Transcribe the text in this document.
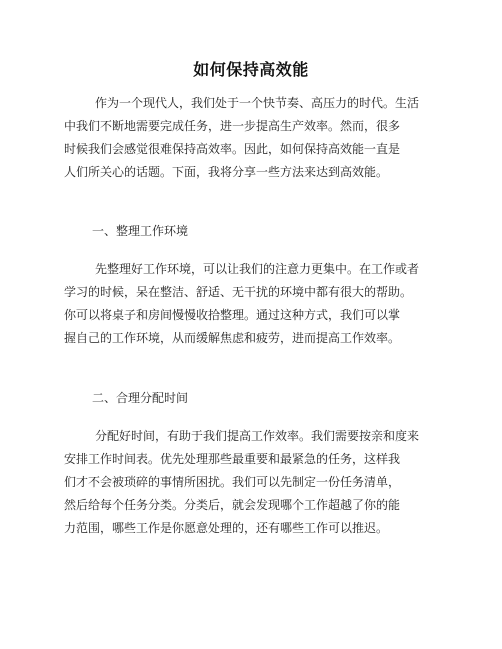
如何保持高效能
作为一个现代人，我们处于一个快节奏、高压力的时代。生活
中我们不断地需要完成任务，进一步提高生产效率。然而，很多
时候我们会感觉很难保持高效率。因此，如何保持高效能一直是
人们所关心的话题。下面，我将分享一些方法来达到高效能。
一、整理工作环境
先整理好工作环境，可以让我们的注意力更集中。在工作或者
学习的时候，呆在整洁、舒适、无干扰的环境中都有很大的帮助。
你可以将桌子和房间慢慢收拾整理。通过这种方式，我们可以掌
握自己的工作环境，从而缓解焦虑和疲劳，进而提高工作效率。
二、合理分配时间
分配好时间，有助于我们提高工作效率。我们需要按亲和度来
安排工作时间表。优先处理那些最重要和最紧急的任务，这样我
们才不会被琐碎的事情所困扰。我们可以先制定一份任务清单，
然后给每个任务分类。分类后，就会发现哪个工作超越了你的能
力范围，哪些工作是你愿意处理的，还有哪些工作可以推迟。
